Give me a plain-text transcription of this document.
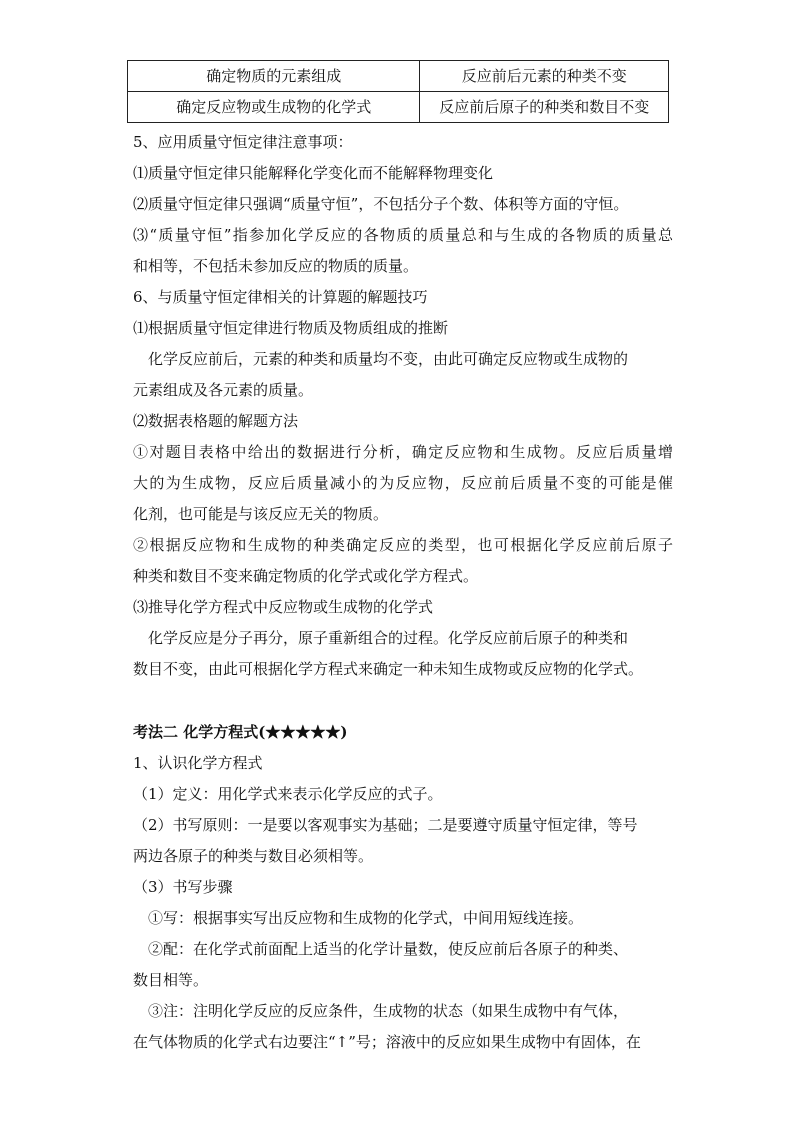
确定物质的元素组成	反应前后元素的种类不变
确定反应物或生成物的化学式	反应前后原子的种类和数目不变
5、应用质量守恒定律注意事项：
⑴质量守恒定律只能解释化学变化而不能解释物理变化
⑵质量守恒定律只强调“质量守恒”，不包括分子个数、体积等方面的守恒。
⑶“质量守恒”指参加化学反应的各物质的质量总和与生成的各物质的质量总
和相等，不包括未参加反应的物质的质量。
6、与质量守恒定律相关的计算题的解题技巧
⑴根据质量守恒定律进行物质及物质组成的推断
化学反应前后，元素的种类和质量均不变，由此可确定反应物或生成物的
元素组成及各元素的质量。
⑵数据表格题的解题方法
①对题目表格中给出的数据进行分析，确定反应物和生成物。反应后质量增
大的为生成物，反应后质量减小的为反应物，反应前后质量不变的可能是催
化剂，也可能是与该反应无关的物质。
②根据反应物和生成物的种类确定反应的类型，也可根据化学反应前后原子
种类和数目不变来确定物质的化学式或化学方程式。
⑶推导化学方程式中反应物或生成物的化学式
化学反应是分子再分，原子重新组合的过程。化学反应前后原子的种类和
数目不变，由此可根据化学方程式来确定一种未知生成物或反应物的化学式。
考法二 化学方程式(★★★★★)
1、认识化学方程式
（1）定义：用化学式来表示化学反应的式子。
（2）书写原则：一是要以客观事实为基础；二是要遵守质量守恒定律，等号
两边各原子的种类与数目必须相等。
（3）书写步骤
①写：根据事实写出反应物和生成物的化学式，中间用短线连接。
②配：在化学式前面配上适当的化学计量数，使反应前后各原子的种类、
数目相等。
③注：注明化学反应的反应条件，生成物的状态（如果生成物中有气体，
在气体物质的化学式右边要注“↑”号；溶液中的反应如果生成物中有固体，在
